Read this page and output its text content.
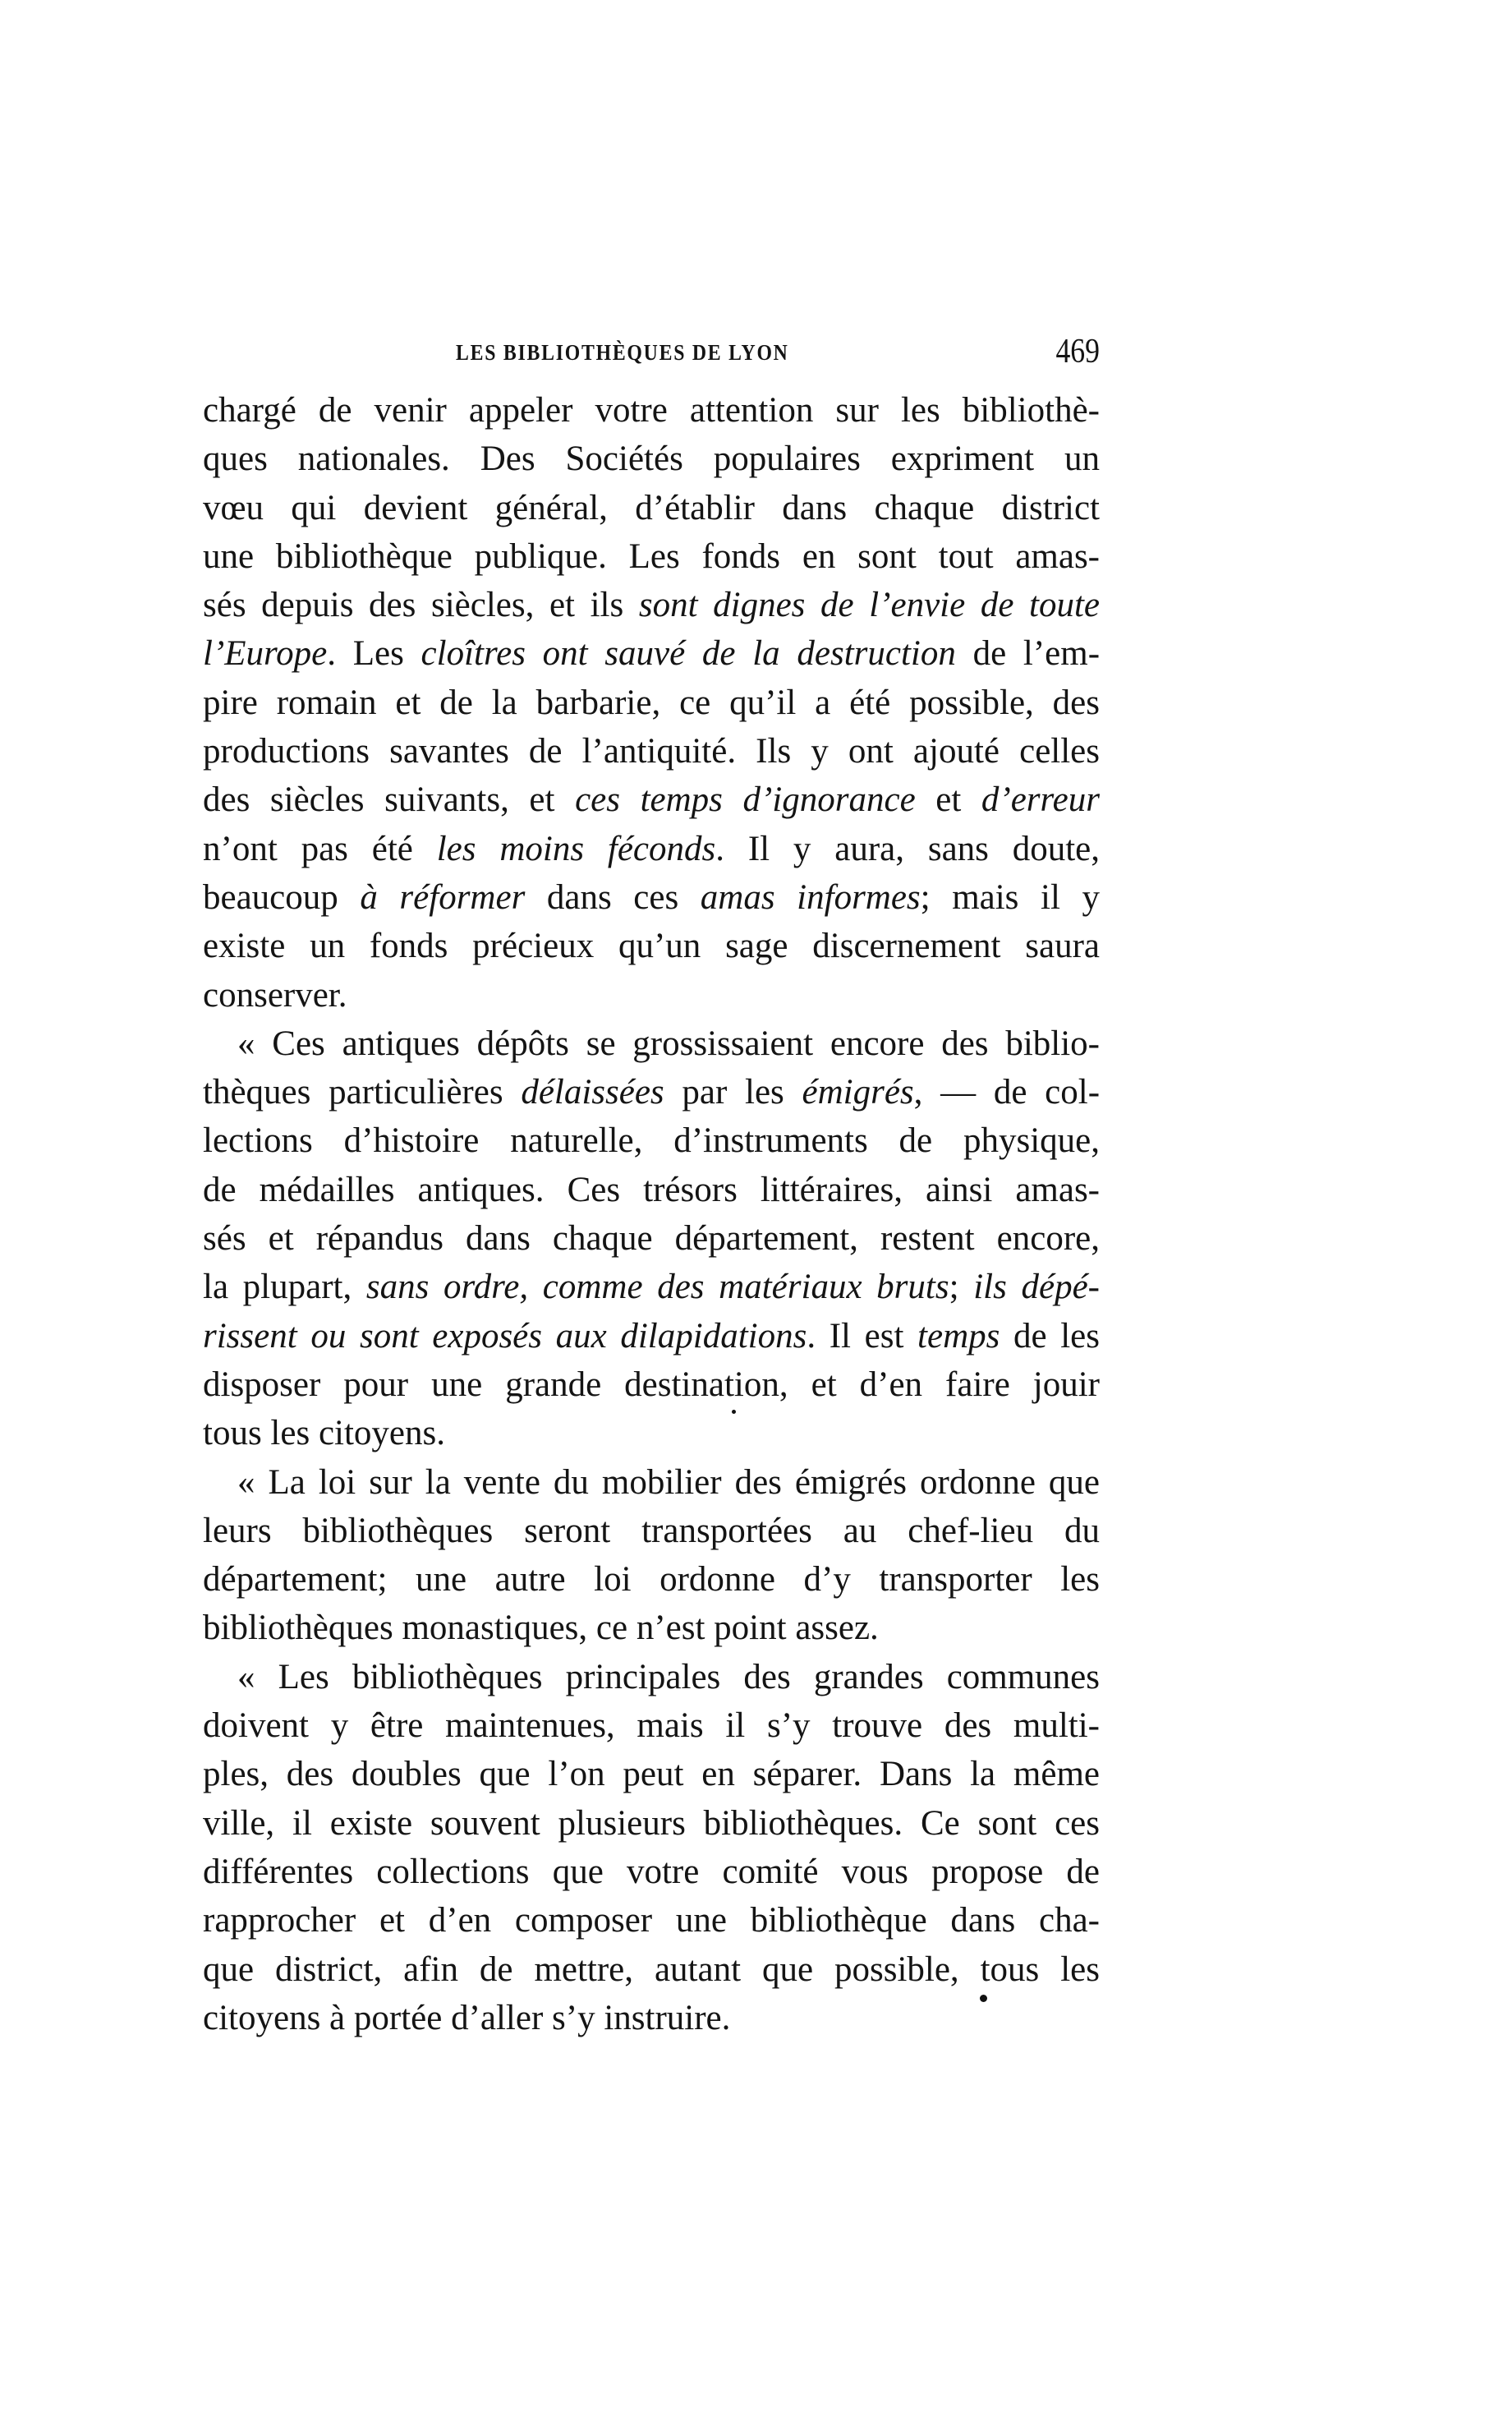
LES BIBLIOTHÈQUES DE LYON	469
chargé de venir appeler votre attention sur les bibliothè-
ques nationales. Des Sociétés populaires expriment un
vœu qui devient général, d’établir dans chaque district
une bibliothèque publique. Les fonds en sont tout amas-
sés depuis des siècles, et ils sont dignes de l’envie de toute
l’Europe. Les cloîtres ont sauvé de la destruction de l’em-
pire romain et de la barbarie, ce qu’il a été possible, des
productions savantes de l’antiquité. Ils y ont ajouté celles
des siècles suivants, et ces temps d’ignorance et d’erreur
n’ont pas été les moins féconds. Il y aura, sans doute,
beaucoup à réformer dans ces amas informes; mais il y
existe un fonds précieux qu’un sage discernement saura
conserver.
« Ces antiques dépôts se grossissaient encore des biblio-
thèques particulières délaissées par les émigrés, — de col-
lections d’histoire naturelle, d’instruments de physique,
de médailles antiques. Ces trésors littéraires, ainsi amas-
sés et répandus dans chaque département, restent encore,
la plupart, sans ordre, comme des matériaux bruts; ils dépé-
rissent ou sont exposés aux dilapidations. Il est temps de les
disposer pour une grande destination, et d’en faire jouir
tous les citoyens.
« La loi sur la vente du mobilier des émigrés ordonne que
leurs bibliothèques seront transportées au chef-lieu du
département; une autre loi ordonne d’y transporter les
bibliothèques monastiques, ce n’est point assez.
« Les bibliothèques principales des grandes communes
doivent y être maintenues, mais il s’y trouve des multi-
ples, des doubles que l’on peut en séparer. Dans la même
ville, il existe souvent plusieurs bibliothèques. Ce sont ces
différentes collections que votre comité vous propose de
rapprocher et d’en composer une bibliothèque dans cha-
que district, afin de mettre, autant que possible, tous les
citoyens à portée d’aller s’y instruire.
